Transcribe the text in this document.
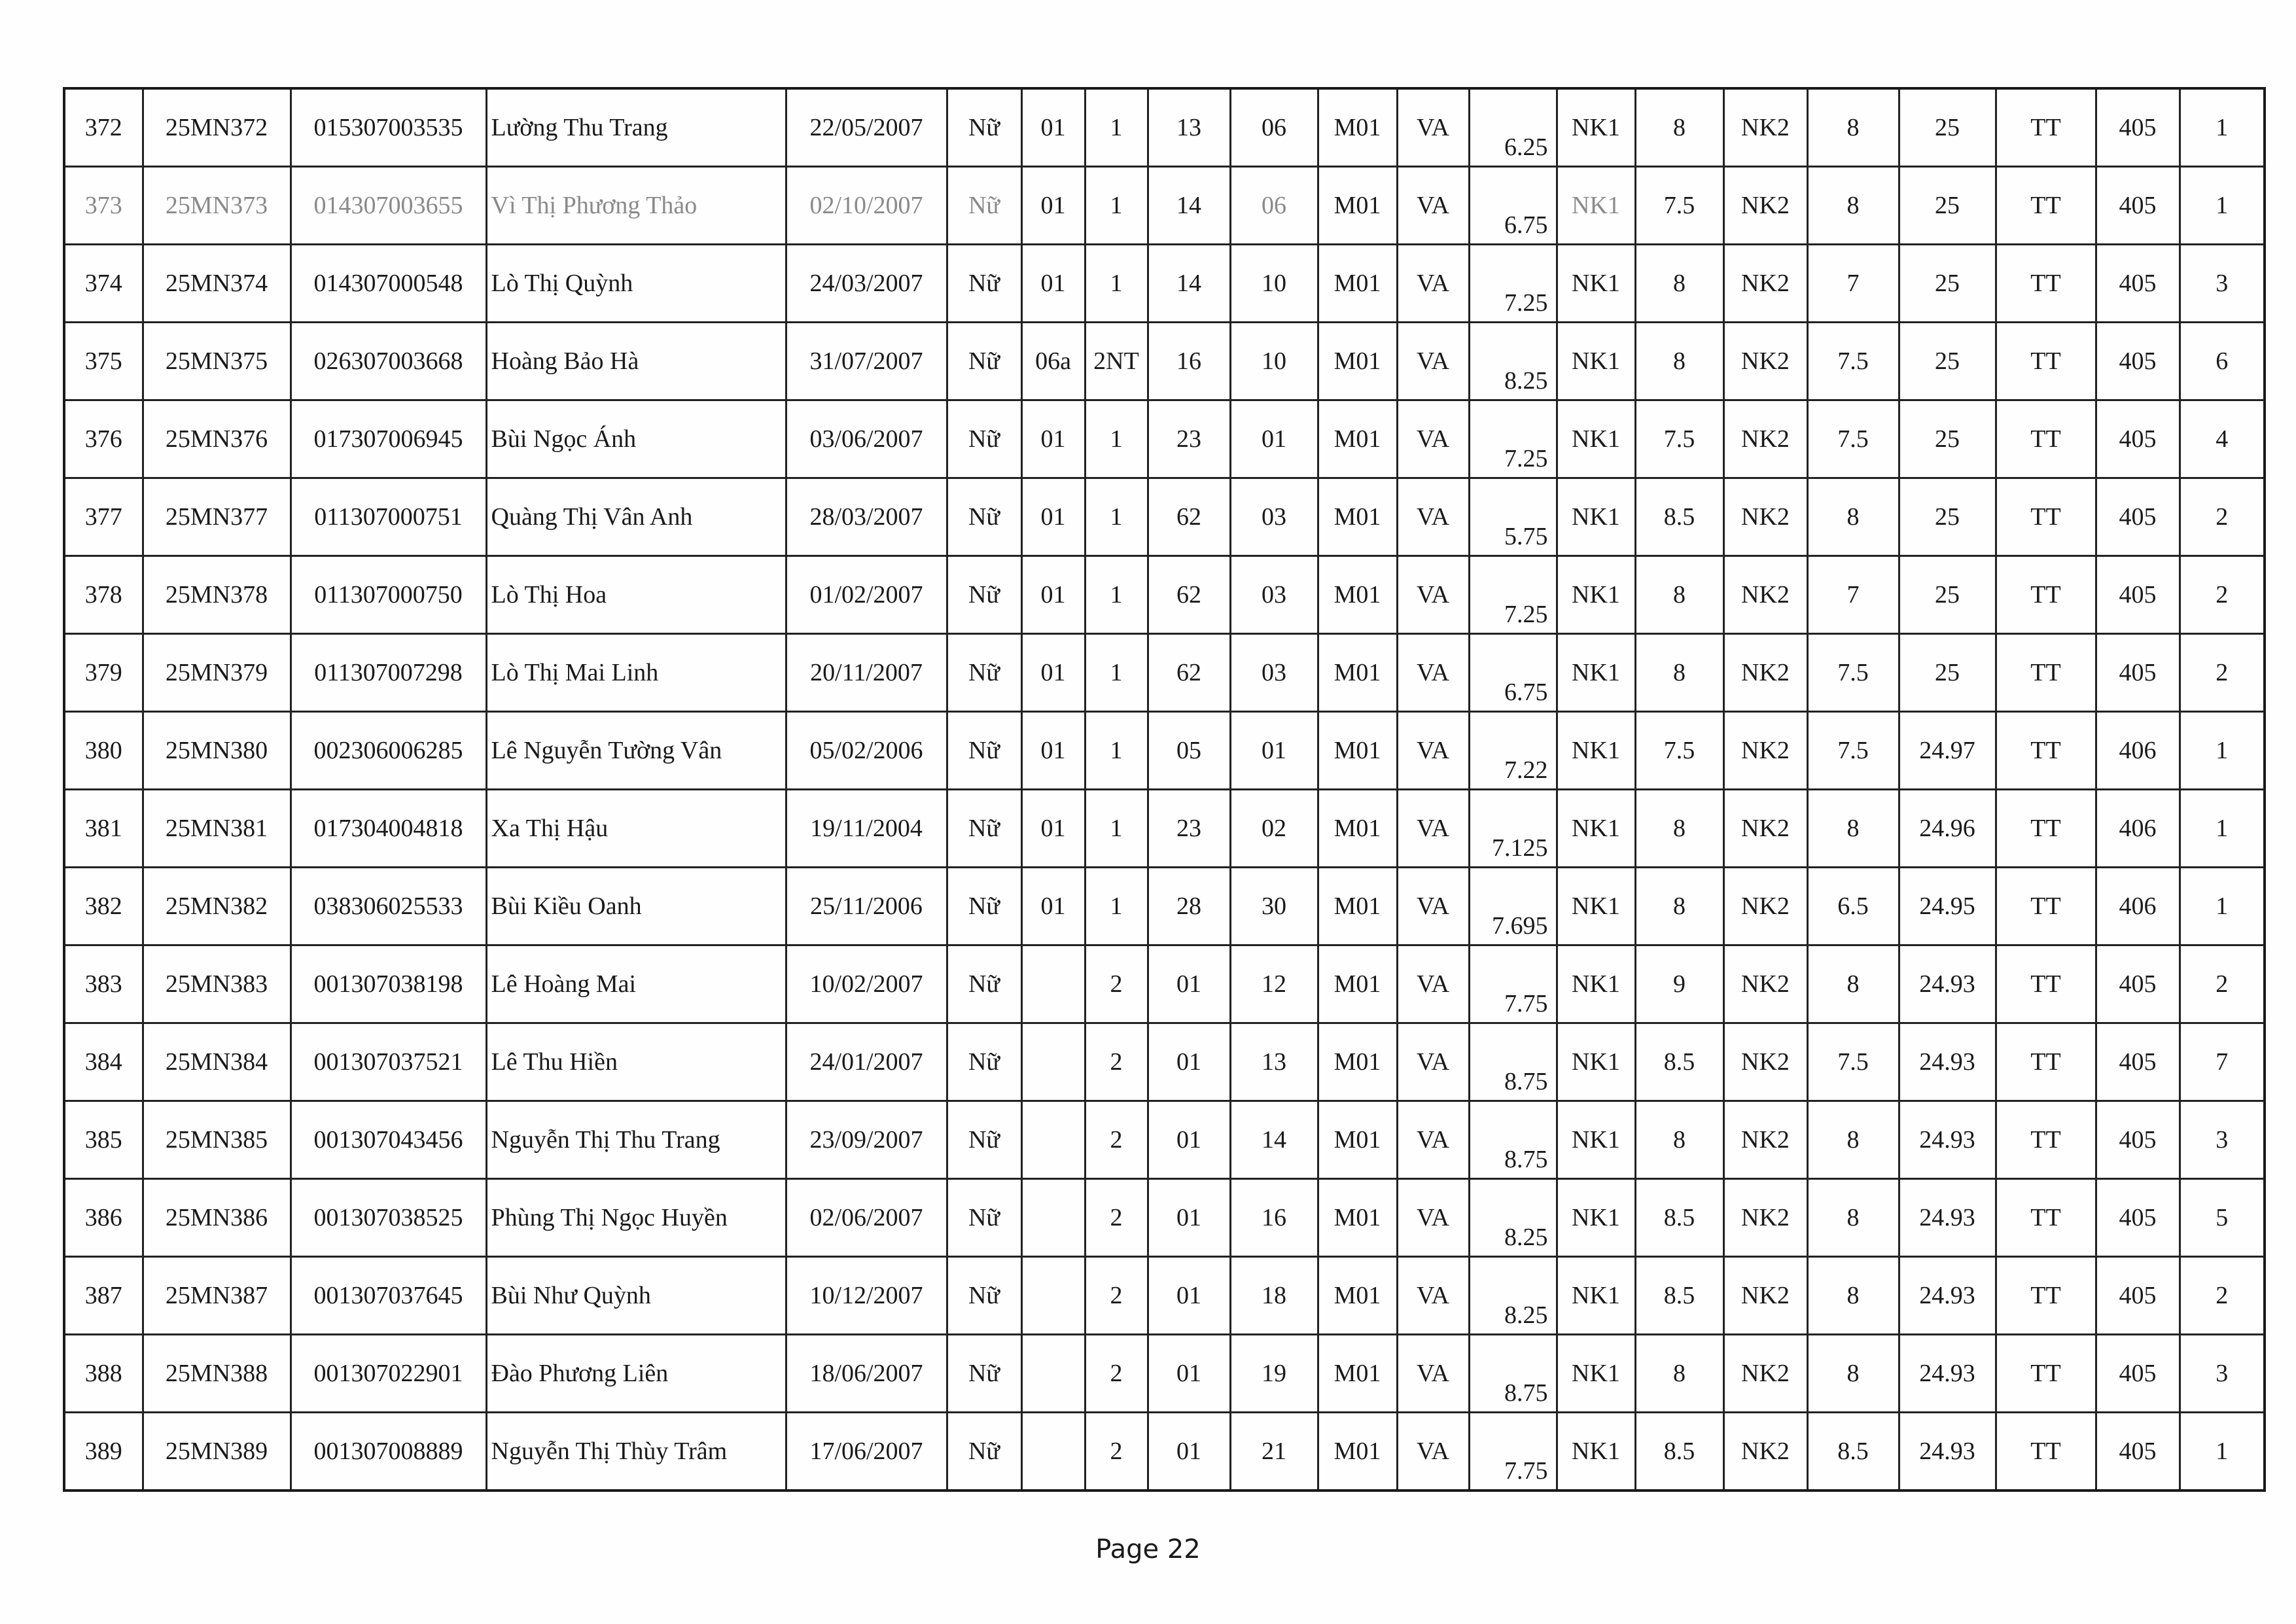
372	25MN372	015307003535	Lường Thu Trang	22/05/2007	Nữ	01	1	13	06	M01	VA	6.25	NK1	8	NK2	8	25	TT	405	1
373	25MN373	014307003655	Vì Thị Phương Thảo	02/10/2007	Nữ	01	1	14	06	M01	VA	6.75	NK1	7.5	NK2	8	25	TT	405	1
374	25MN374	014307000548	Lò Thị Quỳnh	24/03/2007	Nữ	01	1	14	10	M01	VA	7.25	NK1	8	NK2	7	25	TT	405	3
375	25MN375	026307003668	Hoàng Bảo Hà	31/07/2007	Nữ	06a	2NT	16	10	M01	VA	8.25	NK1	8	NK2	7.5	25	TT	405	6
376	25MN376	017307006945	Bùi Ngọc Ánh	03/06/2007	Nữ	01	1	23	01	M01	VA	7.25	NK1	7.5	NK2	7.5	25	TT	405	4
377	25MN377	011307000751	Quàng Thị Vân Anh	28/03/2007	Nữ	01	1	62	03	M01	VA	5.75	NK1	8.5	NK2	8	25	TT	405	2
378	25MN378	011307000750	Lò Thị Hoa	01/02/2007	Nữ	01	1	62	03	M01	VA	7.25	NK1	8	NK2	7	25	TT	405	2
379	25MN379	011307007298	Lò Thị Mai Linh	20/11/2007	Nữ	01	1	62	03	M01	VA	6.75	NK1	8	NK2	7.5	25	TT	405	2
380	25MN380	002306006285	Lê Nguyễn Tường Vân	05/02/2006	Nữ	01	1	05	01	M01	VA	7.22	NK1	7.5	NK2	7.5	24.97	TT	406	1
381	25MN381	017304004818	Xa Thị Hậu	19/11/2004	Nữ	01	1	23	02	M01	VA	7.125	NK1	8	NK2	8	24.96	TT	406	1
382	25MN382	038306025533	Bùi Kiều Oanh	25/11/2006	Nữ	01	1	28	30	M01	VA	7.695	NK1	8	NK2	6.5	24.95	TT	406	1
383	25MN383	001307038198	Lê Hoàng Mai	10/02/2007	Nữ		2	01	12	M01	VA	7.75	NK1	9	NK2	8	24.93	TT	405	2
384	25MN384	001307037521	Lê Thu Hiền	24/01/2007	Nữ		2	01	13	M01	VA	8.75	NK1	8.5	NK2	7.5	24.93	TT	405	7
385	25MN385	001307043456	Nguyễn Thị Thu Trang	23/09/2007	Nữ		2	01	14	M01	VA	8.75	NK1	8	NK2	8	24.93	TT	405	3
386	25MN386	001307038525	Phùng Thị Ngọc Huyền	02/06/2007	Nữ		2	01	16	M01	VA	8.25	NK1	8.5	NK2	8	24.93	TT	405	5
387	25MN387	001307037645	Bùi Như Quỳnh	10/12/2007	Nữ		2	01	18	M01	VA	8.25	NK1	8.5	NK2	8	24.93	TT	405	2
388	25MN388	001307022901	Đào Phương Liên	18/06/2007	Nữ		2	01	19	M01	VA	8.75	NK1	8	NK2	8	24.93	TT	405	3
389	25MN389	001307008889	Nguyễn Thị Thùy Trâm	17/06/2007	Nữ		2	01	21	M01	VA	7.75	NK1	8.5	NK2	8.5	24.93	TT	405	1
Page 22
